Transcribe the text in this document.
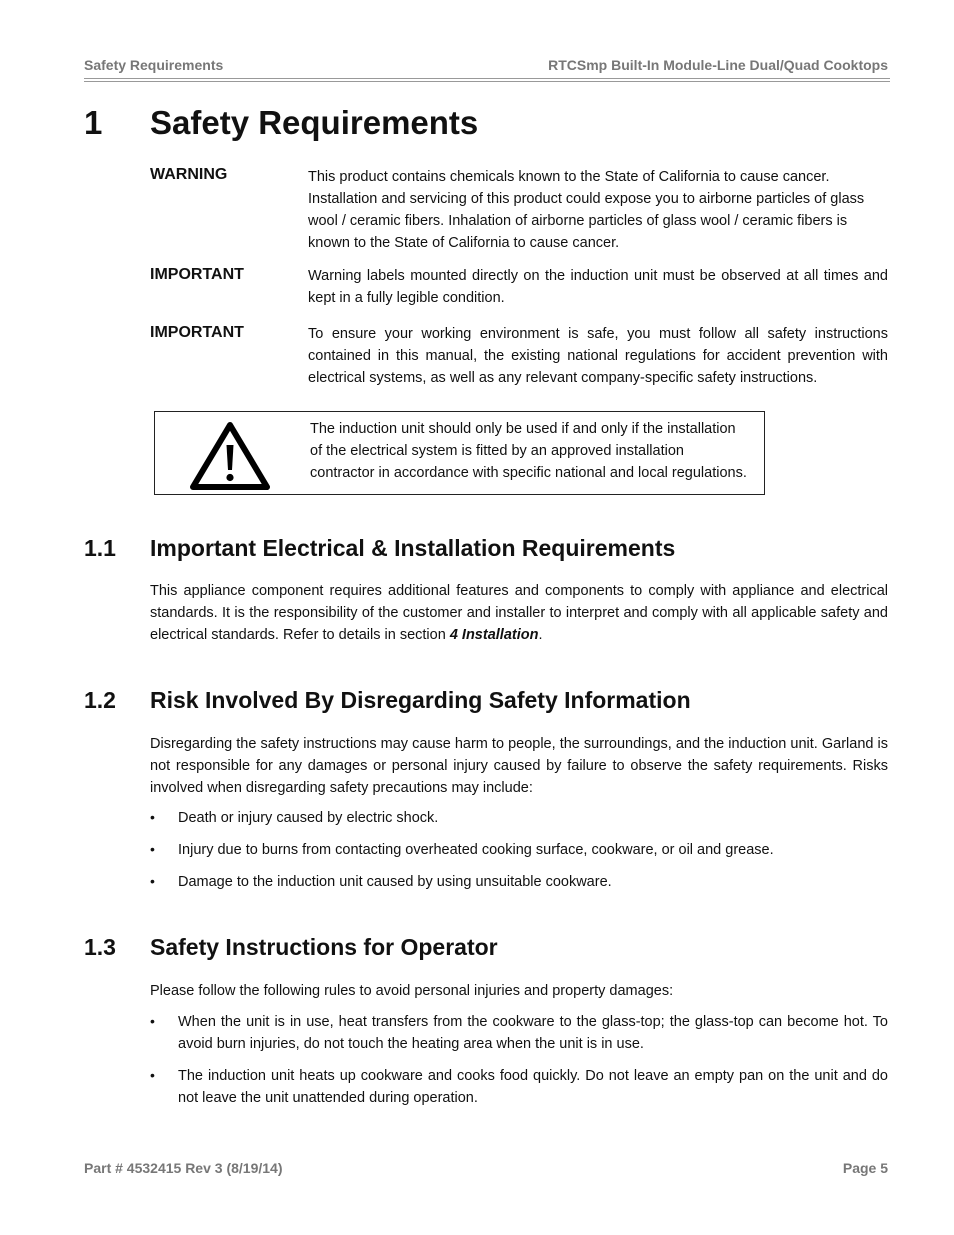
Safety Requirements	RTCSmp Built-In Module-Line Dual/Quad Cooktops
1 Safety Requirements
WARNING	This product contains chemicals known to the State of California to cause cancer.
Installation and servicing of this product could expose you to airborne particles of glass
wool / ceramic fibers. Inhalation of airborne particles of glass wool / ceramic fibers is
known to the State of California to cause cancer.
IMPORTANT	Warning labels mounted directly on the induction unit must be observed at all times and kept in a fully legible condition.
IMPORTANT	To ensure your working environment is safe, you must follow all safety instructions contained in this manual, the existing national regulations for accident prevention with electrical systems, as well as any relevant company-specific safety instructions.
The induction unit should only be used if and only if the installation
of the electrical system is fitted by an approved installation
contractor in accordance with specific national and local regulations.
1.1 Important Electrical & Installation Requirements
This appliance component requires additional features and components to comply with appliance and electrical standards. It is the responsibility of the customer and installer to interpret and comply with all applicable safety and electrical standards. Refer to details in section 4 Installation.
1.2 Risk Involved By Disregarding Safety Information
Disregarding the safety instructions may cause harm to people, the surroundings, and the induction unit. Garland is not responsible for any damages or personal injury caused by failure to observe the safety requirements. Risks involved when disregarding safety precautions may include:
• Death or injury caused by electric shock.
• Injury due to burns from contacting overheated cooking surface, cookware, or oil and grease.
• Damage to the induction unit caused by using unsuitable cookware.
1.3 Safety Instructions for Operator
Please follow the following rules to avoid personal injuries and property damages:
• When the unit is in use, heat transfers from the cookware to the glass-top; the glass-top can become hot. To avoid burn injuries, do not touch the heating area when the unit is in use.
• The induction unit heats up cookware and cooks food quickly. Do not leave an empty pan on the unit and do not leave the unit unattended during operation.
Part # 4532415 Rev 3 (8/19/14)	Page 5
